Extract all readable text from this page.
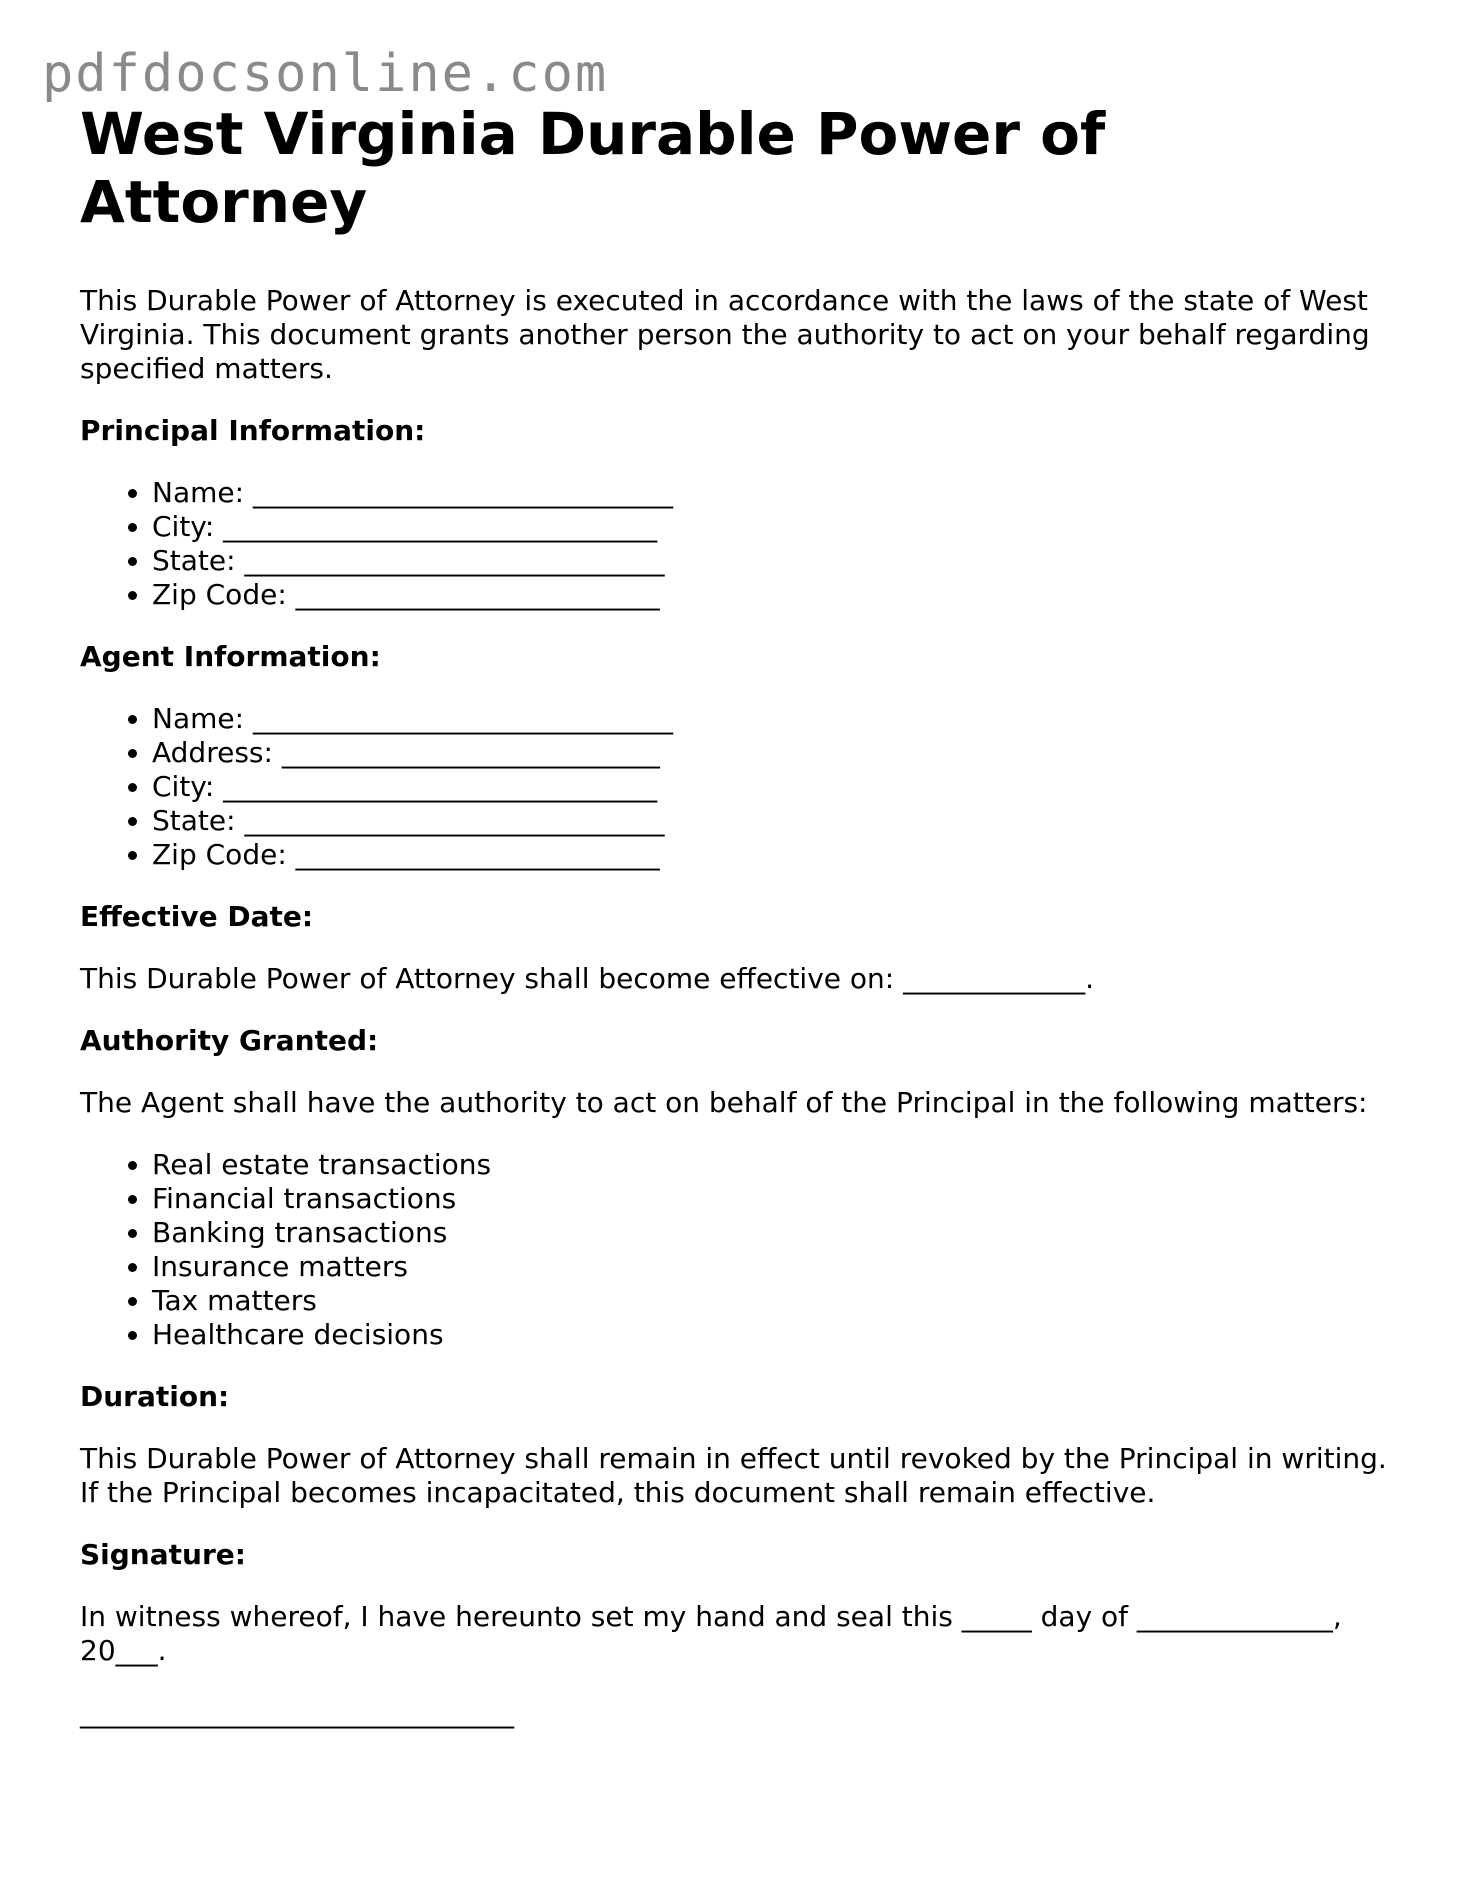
pdfdocsonline.com
West Virginia Durable Power of Attorney

This Durable Power of Attorney is executed in accordance with the laws of the state of West Virginia. This document grants another person the authority to act on your behalf regarding specified matters.

Principal Information:
• Name: ______________________________
• City: _______________________________
• State: ______________________________
• Zip Code: __________________________
Agent Information:
• Name: ______________________________
• Address: ___________________________
• City: _______________________________
• State: ______________________________
• Zip Code: __________________________
Effective Date:

This Durable Power of Attorney shall become effective on: _____________.

Authority Granted:

The Agent shall have the authority to act on behalf of the Principal in the following matters:

• Real estate transactions
• Financial transactions
• Banking transactions
• Insurance matters
• Tax matters
• Healthcare decisions
Duration:

This Durable Power of Attorney shall remain in effect until revoked by the Principal in writing. If the Principal becomes incapacitated, this document shall remain effective.

Signature:

In witness whereof, I have hereunto set my hand and seal this _____ day of ______________, 20___.

_______________________________
